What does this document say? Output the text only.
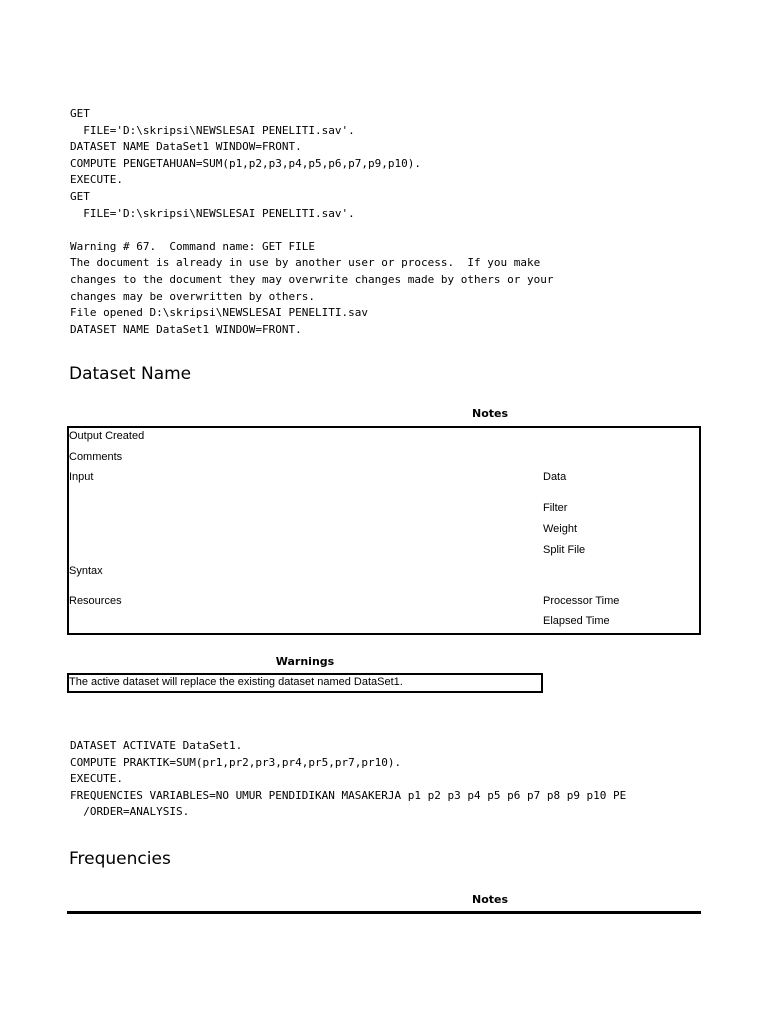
GET
FILE='D:\skripsi\NEWSLESAI PENELITI.sav'.
DATASET NAME DataSet1 WINDOW=FRONT.
COMPUTE PENGETAHUAN=SUM(p1,p2,p3,p4,p5,p6,p7,p9,p10).
EXECUTE.
GET
FILE='D:\skripsi\NEWSLESAI PENELITI.sav'.

Warning # 67.  Command name: GET FILE
The document is already in use by another user or process.  If you make
changes to the document they may overwrite changes made by others or your
changes may be overwritten by others.
File opened D:\skripsi\NEWSLESAI PENELITI.sav
DATASET NAME DataSet1 WINDOW=FRONT.
Dataset Name
Notes
Output Created
Comments
Input	Data
Filter
Weight
Split File
Syntax
Resources	Processor Time
Elapsed Time
Warnings
The active dataset will replace the existing dataset named DataSet1.
DATASET ACTIVATE DataSet1.
COMPUTE PRAKTIK=SUM(pr1,pr2,pr3,pr4,pr5,pr7,pr10).
EXECUTE.
FREQUENCIES VARIABLES=NO UMUR PENDIDIKAN MASAKERJA p1 p2 p3 p4 p5 p6 p7 p8 p9 p10 PE
/ORDER=ANALYSIS.
Frequencies
Notes
